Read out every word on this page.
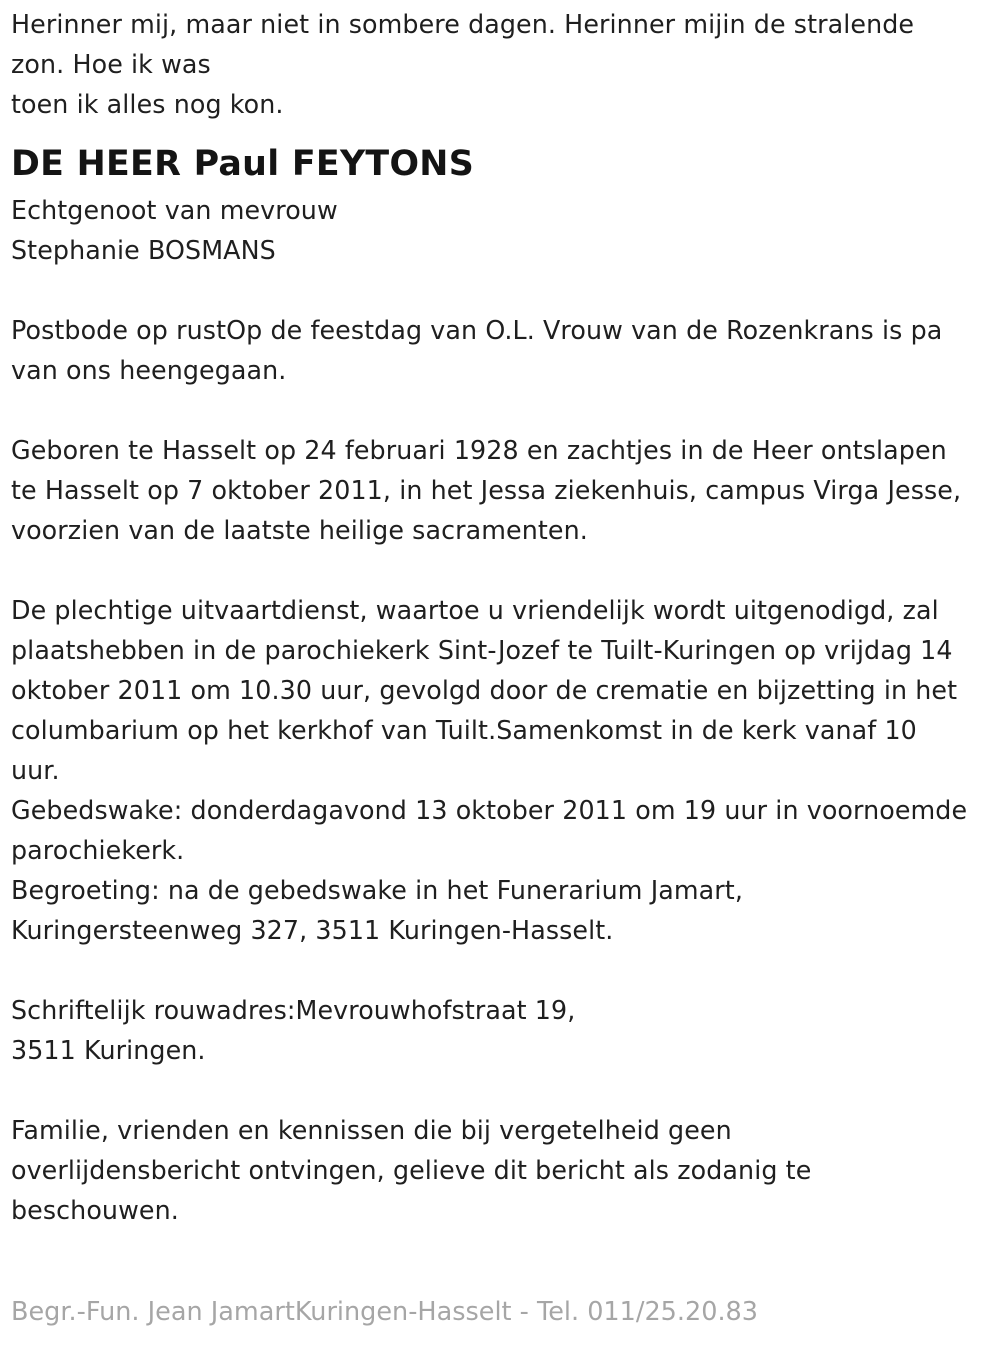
Herinner mij, maar niet in sombere dagen. Herinner mijin de stralende
zon. Hoe ik was
toen ik alles nog kon.
DE HEER Paul FEYTONS
Echtgenoot van mevrouw
Stephanie BOSMANS
Postbode op rustOp de feestdag van O.L. Vrouw van de Rozenkrans is pa
van ons heengegaan.
Geboren te Hasselt op 24 februari 1928 en zachtjes in de Heer ontslapen
te Hasselt op 7 oktober 2011, in het Jessa ziekenhuis, campus Virga Jesse,
voorzien van de laatste heilige sacramenten.
De plechtige uitvaartdienst, waartoe u vriendelijk wordt uitgenodigd, zal
plaatshebben in de parochiekerk Sint-Jozef te Tuilt-Kuringen op vrijdag 14
oktober 2011 om 10.30 uur, gevolgd door de crematie en bijzetting in het
columbarium op het kerkhof van Tuilt.Samenkomst in de kerk vanaf 10
uur.
Gebedswake: donderdagavond 13 oktober 2011 om 19 uur in voornoemde
parochiekerk.
Begroeting: na de gebedswake in het Funerarium Jamart,
Kuringersteenweg 327, 3511 Kuringen-Hasselt.
Schriftelijk rouwadres:Mevrouwhofstraat 19,
3511 Kuringen.
Familie, vrienden en kennissen die bij vergetelheid geen
overlijdensbericht ontvingen, gelieve dit bericht als zodanig te
beschouwen.
Begr.-Fun. Jean JamartKuringen-Hasselt - Tel. 011/25.20.83
